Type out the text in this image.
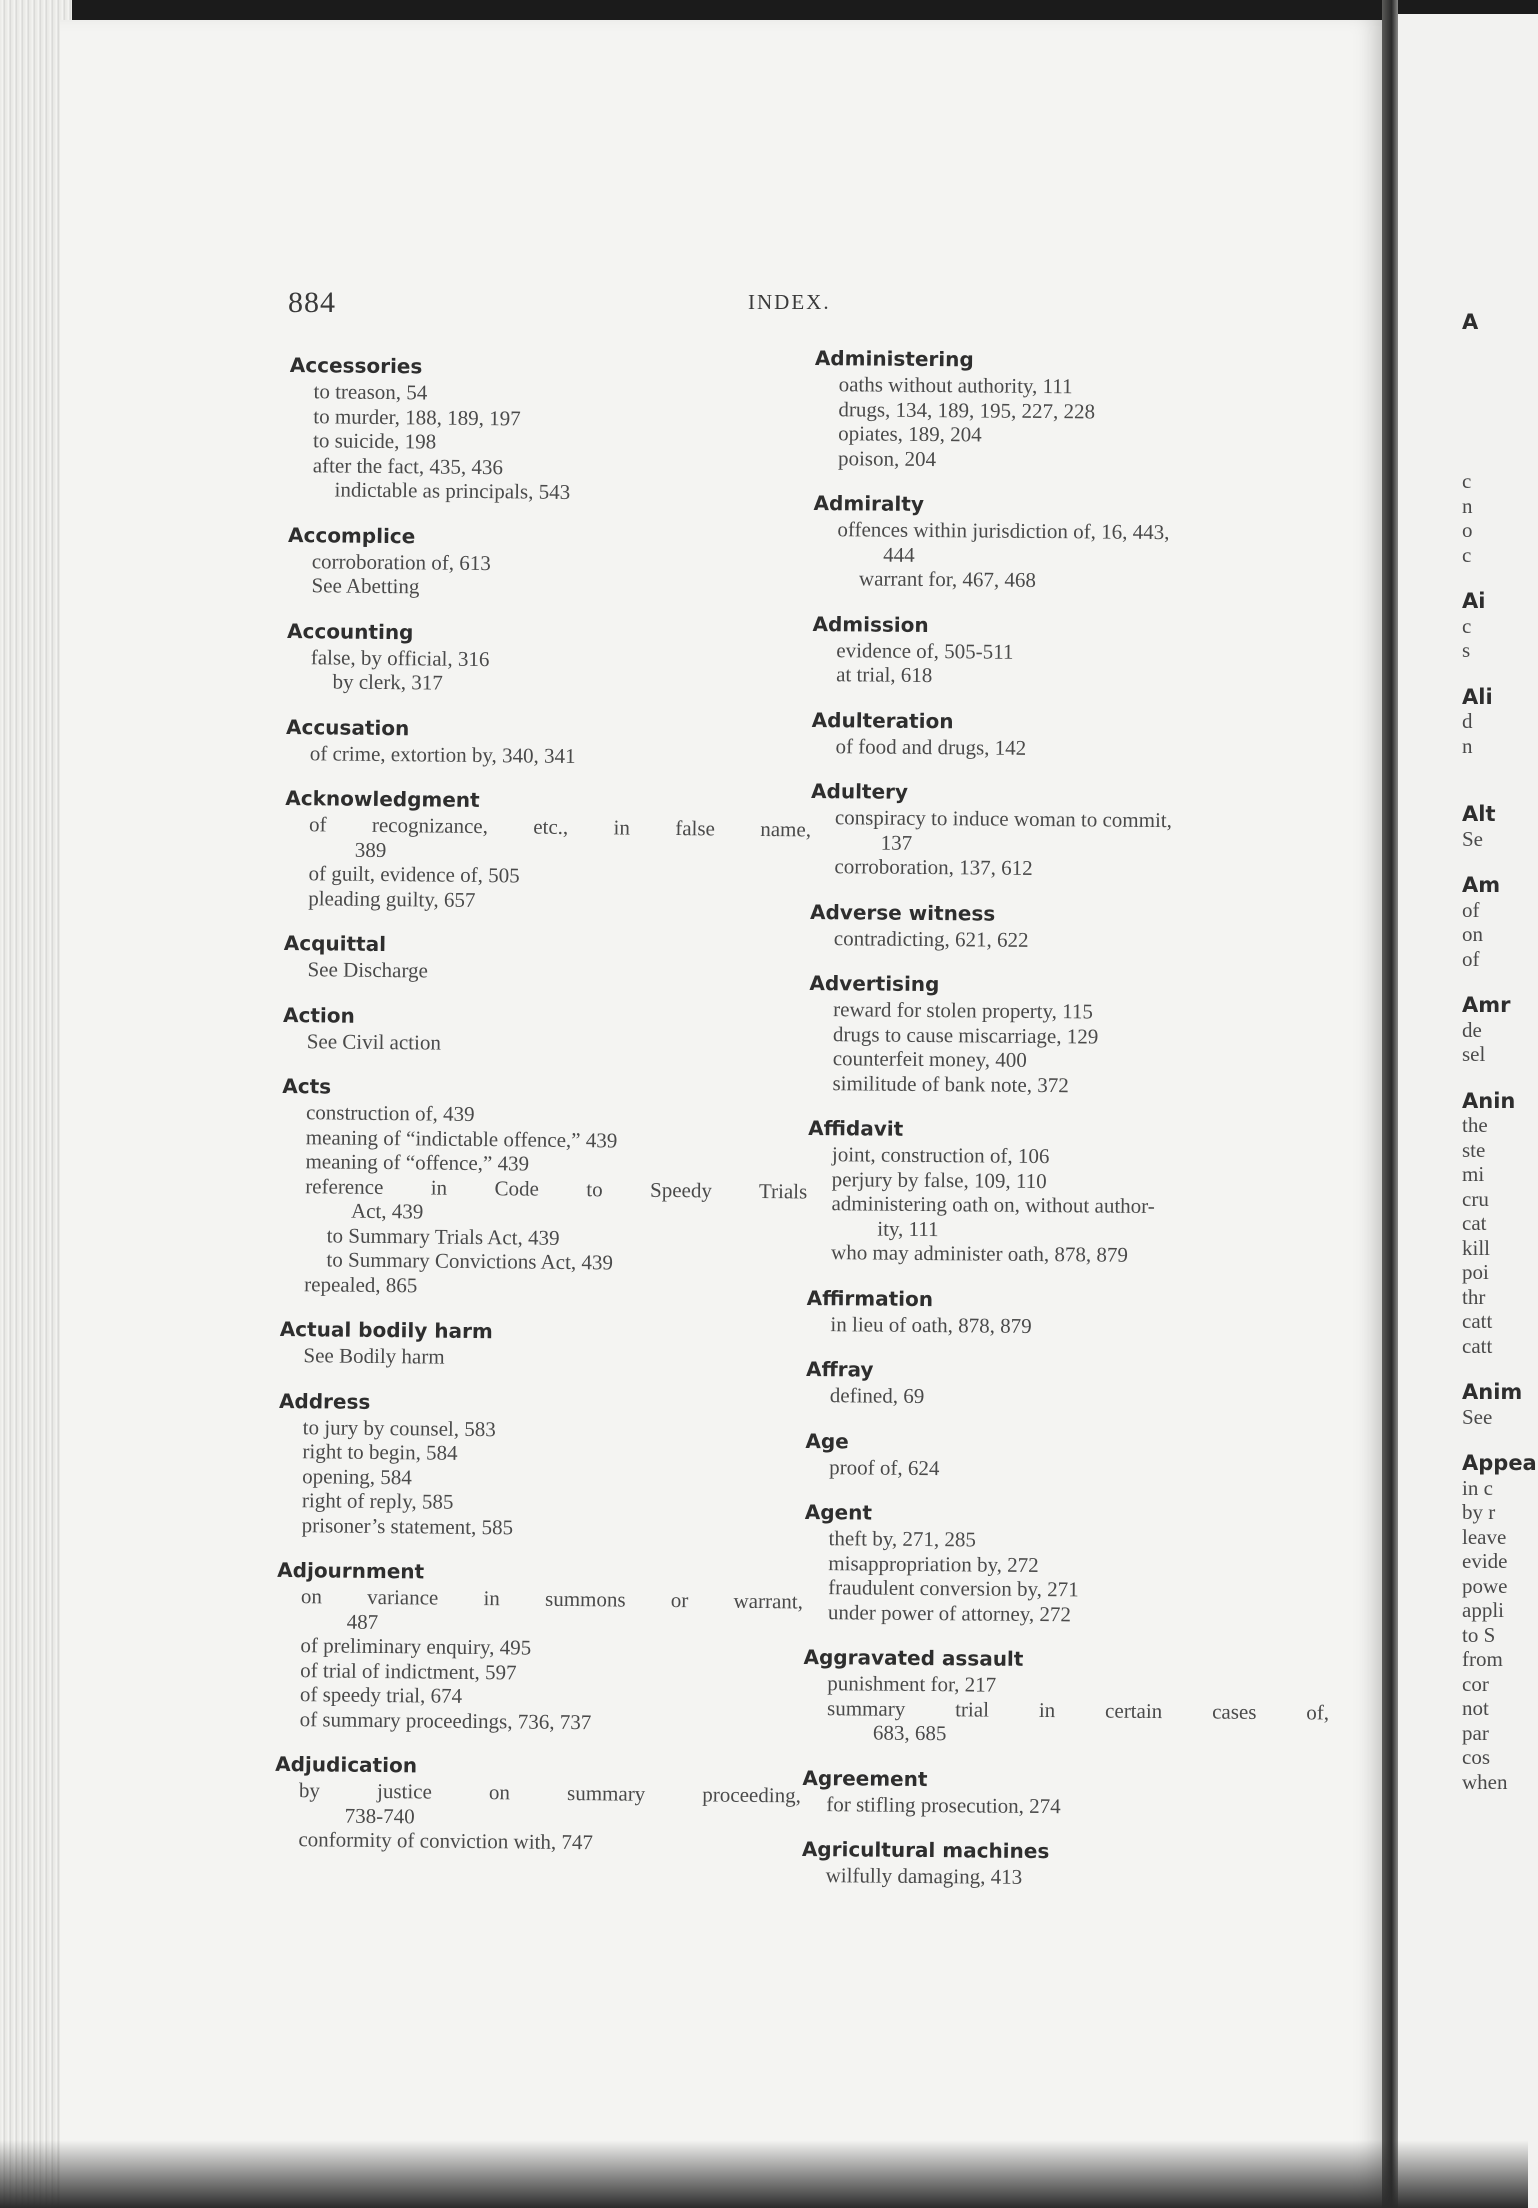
884	INDEX.
Accessories
to treason, 54
to murder, 188, 189, 197
to suicide, 198
after the fact, 435, 436
indictable as principals, 543
Accomplice
corroboration of, 613
See Abetting
Accounting
false, by official, 316
by clerk, 317
Accusation
of crime, extortion by, 340, 341
Acknowledgment
of recognizance, etc., in false name,
389
of guilt, evidence of, 505
pleading guilty, 657
Acquittal
See Discharge
Action
See Civil action
Acts
construction of, 439
meaning of “indictable offence,” 439
meaning of “offence,” 439
reference in Code to Speedy Trials
Act, 439
to Summary Trials Act, 439
to Summary Convictions Act, 439
repealed, 865
Actual bodily harm
See Bodily harm
Address
to jury by counsel, 583
right to begin, 584
opening, 584
right of reply, 585
prisoner’s statement, 585
Adjournment
on variance in summons or warrant,
487
of preliminary enquiry, 495
of trial of indictment, 597
of speedy trial, 674
of summary proceedings, 736, 737
Adjudication
by justice on summary proceeding,
738-740
conformity of conviction with, 747
Administering
oaths without authority, 111
drugs, 134, 189, 195, 227, 228
opiates, 189, 204
poison, 204
Admiralty
offences within jurisdiction of, 16, 443,
444
warrant for, 467, 468
Admission
evidence of, 505-511
at trial, 618
Adulteration
of food and drugs, 142
Adultery
conspiracy to induce woman to commit,
137
corroboration, 137, 612
Adverse witness
contradicting, 621, 622
Advertising
reward for stolen property, 115
drugs to cause miscarriage, 129
counterfeit money, 400
similitude of bank note, 372
Affidavit
joint, construction of, 106
perjury by false, 109, 110
administering oath on, without author-
ity, 111
who may administer oath, 878, 879
Affirmation
in lieu of oath, 878, 879
Affray
defined, 69
Age
proof of, 624
Agent
theft by, 271, 285
misappropriation by, 272
fraudulent conversion by, 271
under power of attorney, 272
Aggravated assault
punishment for, 217
summary trial in certain cases of,
683, 685
Agreement
for stifling prosecution, 274
Agricultural machines
wilfully damaging, 413
A

c
n
o
c
Ai
c
s
Ali
d
n
Alt
Se
Am
of
on
of
Amr
de
sel
Anin
the
ste
mi
cru
cat
kill
poi
thr
catt
catt
Anim
See
Appea
in c
by r
leave
evide
powe
appli
to S
from
cor
not
par
cos
when
